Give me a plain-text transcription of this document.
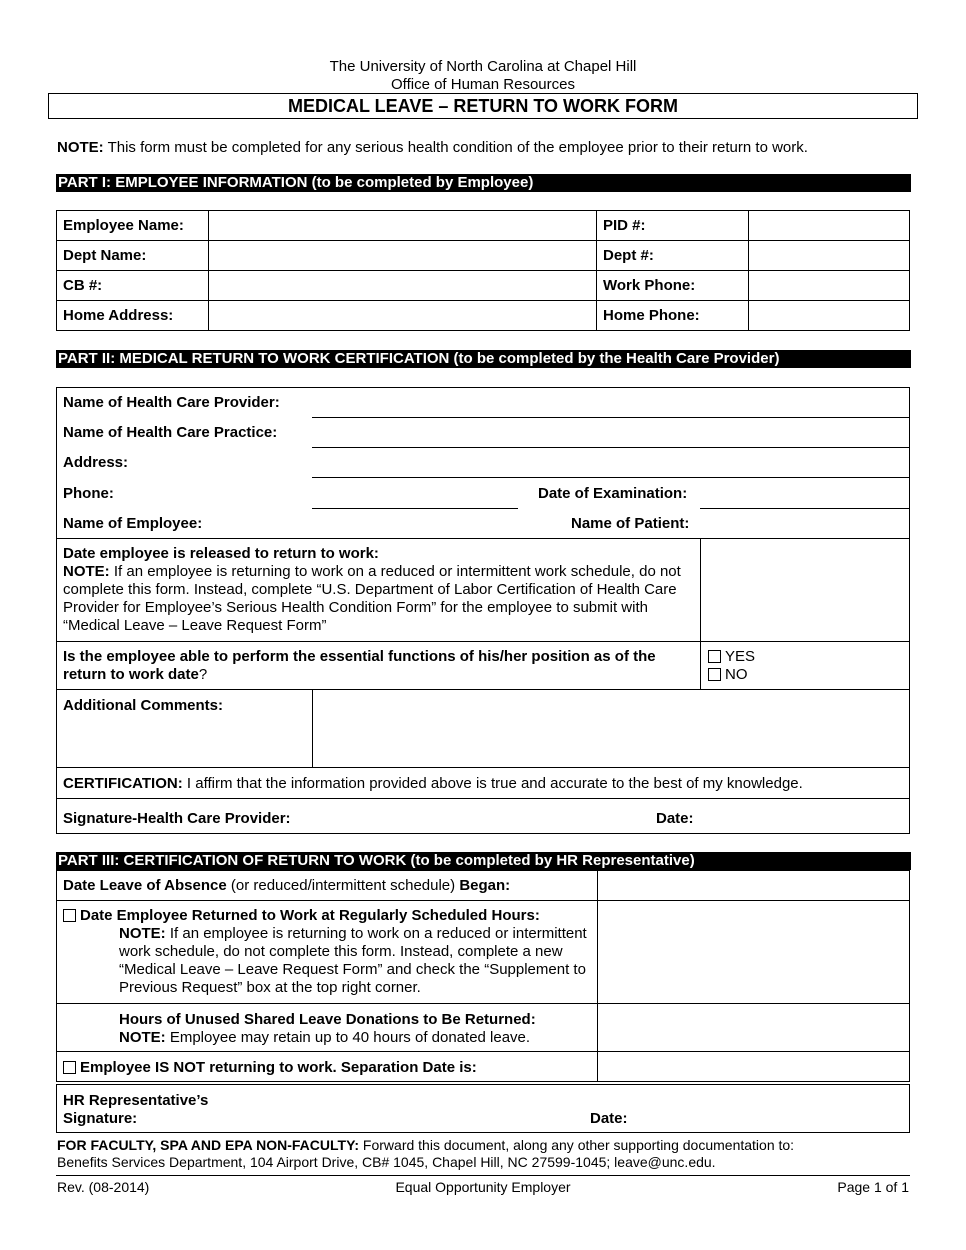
The University of North Carolina at Chapel Hill
Office of Human Resources
MEDICAL LEAVE – RETURN TO WORK FORM
NOTE: This form must be completed for any serious health condition of the employee prior to their return to work.
PART I: EMPLOYEE INFORMATION (to be completed by Employee)
Employee Name:		PID #:	
Dept Name:		Dept #:	
CB #:		Work Phone:	
Home Address:		Home Phone:	
PART II: MEDICAL RETURN TO WORK CERTIFICATION (to be completed by the Health Care Provider)
Name of Health Care Provider:
Name of Health Care Practice:
Address:
Phone:	Date of Examination:
Name of Employee:	Name of Patient:
Date employee is released to return to work:
NOTE: If an employee is returning to work on a reduced or intermittent work schedule, do not complete this form. Instead, complete “U.S. Department of Labor Certification of Health Care Provider for Employee’s Serious Health Condition Form” for the employee to submit with “Medical Leave – Leave Request Form”
Is the employee able to perform the essential functions of his/her position as of the return to work date?
YES
NO
Additional Comments:
CERTIFICATION: I affirm that the information provided above is true and accurate to the best of my knowledge.
Signature-Health Care Provider:	Date:
PART III: CERTIFICATION OF RETURN TO WORK (to be completed by HR Representative)
Date Leave of Absence (or reduced/intermittent schedule) Began:
Date Employee Returned to Work at Regularly Scheduled Hours:
NOTE: If an employee is returning to work on a reduced or intermittent work schedule, do not complete this form. Instead, complete a new “Medical Leave – Leave Request Form” and check the “Supplement to Previous Request” box at the top right corner.
Hours of Unused Shared Leave Donations to Be Returned:
NOTE: Employee may retain up to 40 hours of donated leave.
Employee IS NOT returning to work. Separation Date is:
HR Representative’s
Signature:	Date:
FOR FACULTY, SPA AND EPA NON-FACULTY: Forward this document, along any other supporting documentation to:
Benefits Services Department, 104 Airport Drive, CB# 1045, Chapel Hill, NC 27599-1045; leave@unc.edu.
Rev. (08-2014)	Equal Opportunity Employer	Page 1 of 1
